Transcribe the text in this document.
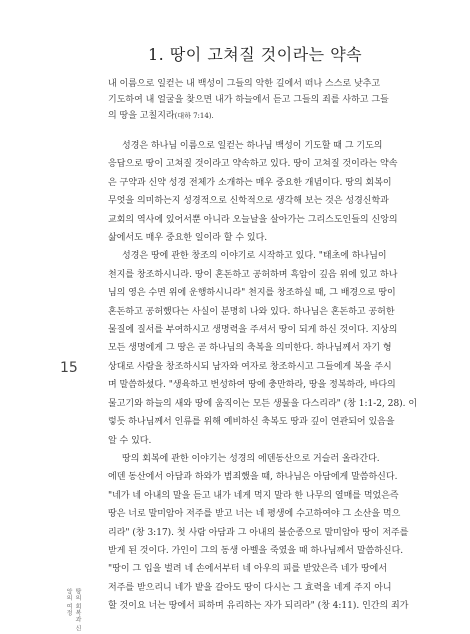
1. 땅이 고쳐질 것이라는 약속
내 이름으로 일컫는 내 백성이 그들의 악한 길에서 떠나 스스로 낮추고
기도하여 내 얼굴을 찾으면 내가 하늘에서 듣고 그들의 죄를 사하고 그들
의 땅을 고칠지라(대하 7:14).
성경은 하나님 이름으로 일컫는 하나님 백성이 기도할 때 그 기도의
응답으로 땅이 고쳐질 것이라고 약속하고 있다. 땅이 고쳐질 것이라는 약속
은 구약과 신약 성경 전체가 소개하는 매우 중요한 개념이다. 땅의 회복이
무엇을 의미하는지 성경적으로 신학적으로 생각해 보는 것은 성경신학과
교회의 역사에 있어서뿐 아니라 오늘날을 살아가는 그리스도인들의 신앙의
삶에서도 매우 중요한 일이라 할 수 있다.
성경은 땅에 관한 창조의 이야기로 시작하고 있다. "태초에 하나님이
천지를 창조하시니라. 땅이 혼돈하고 공허하며 흑암이 깊음 위에 있고 하나
님의 영은 수면 위에 운행하시니라" 천지를 창조하실 때, 그 배경으로 땅이
혼돈하고 공허했다는 사실이 분명히 나와 있다. 하나님은 혼돈하고 공허한
물질에 질서를 부여하시고 생명력을 주셔서 땅이 되게 하신 것이다. 지상의
모든 생명에게 그 땅은 곧 하나님의 축복을 의미한다. 하나님께서 자기 형
상대로 사람을 창조하시되 남자와 여자로 창조하시고 그들에게 복을 주시
며 말씀하셨다. "생육하고 번성하여 땅에 충만하라, 땅을 정복하라, 바다의
물고기와 하늘의 새와 땅에 움직이는 모든 생물을 다스리라" (창 1:1-2, 28). 이
렇듯 하나님께서 인류를 위해 예비하신 축복도 땅과 깊이 연관되어 있음을
알 수 있다.
땅의 회복에 관한 이야기는 성경의 에덴동산으로 거슬러 올라간다.
에덴 동산에서 아담과 하와가 범죄했을 때, 하나님은 아담에게 말씀하신다.
"네가 네 아내의 말을 듣고 내가 네게 먹지 말라 한 나무의 열매를 먹었은즉
땅은 너로 말미암아 저주를 받고 너는 네 평생에 수고하여야 그 소산을 먹으
리라" (창 3:17). 첫 사람 아담과 그 아내의 불순종으로 말미암아 땅이 저주를
받게 된 것이다. 가인이 그의 동생 아벨을 죽였을 때 하나님께서 말씀하신다.
"땅이 그 입을 벌려 네 손에서부터 네 아우의 피를 받았은즉 네가 땅에서
저주를 받으리니 네가 밭을 갈아도 땅이 다시는 그 효력을 네게 주지 아니
할 것이요 너는 땅에서 피하며 유리하는 자가 되리라" (창 4:11). 인간의 죄가
15
땅의 회복과 신앙의 여정
